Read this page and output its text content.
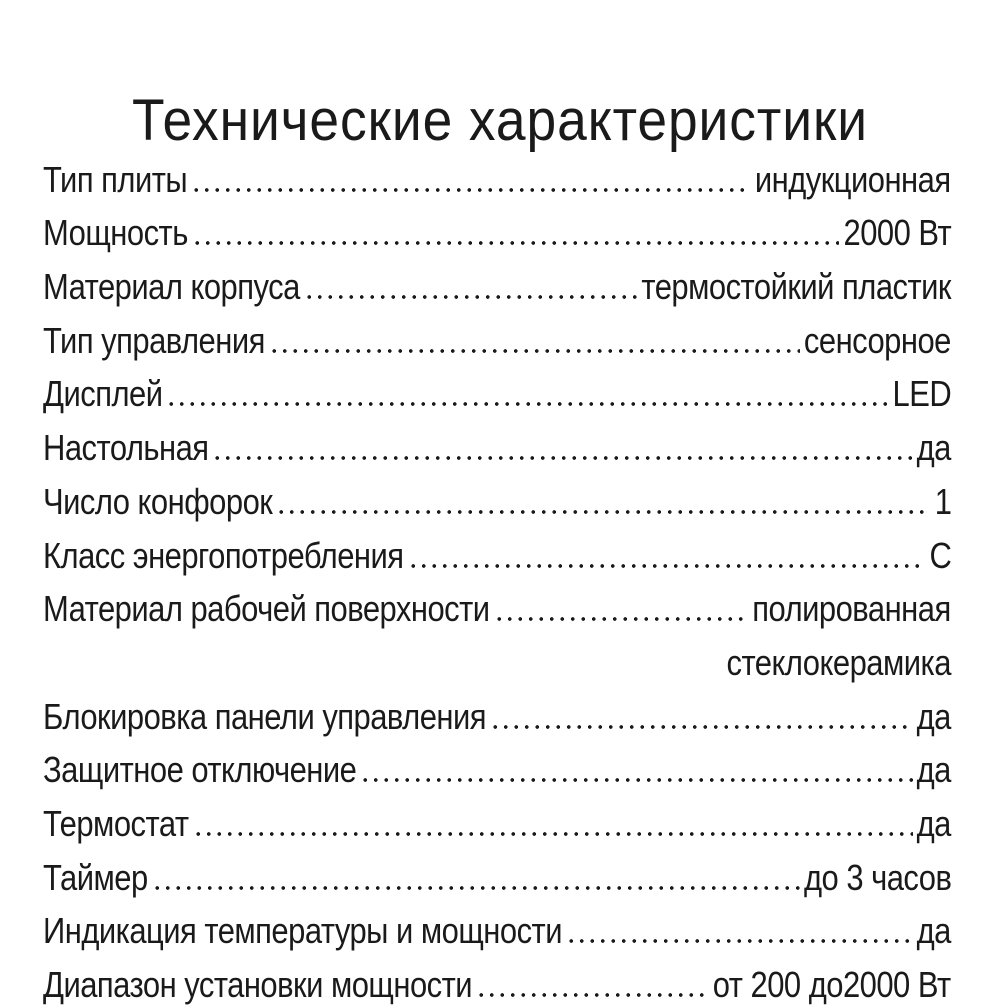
Технические характеристики
Тип плиты	индукционная
Мощность	2000 Вт
Материал корпуса	термостойкий пластик
Тип управления	сенсорное
Дисплей	LED
Настольная	да
Число конфорок	1
Класс энергопотребления	C
Материал рабочей поверхности	полированная
стеклокерамика
Блокировка панели управления	да
Защитное отключение	да
Термостат	да
Таймер	до 3 часов
Индикация температуры и мощности	да
Диапазон установки мощности	от 200 до2000 Вт
